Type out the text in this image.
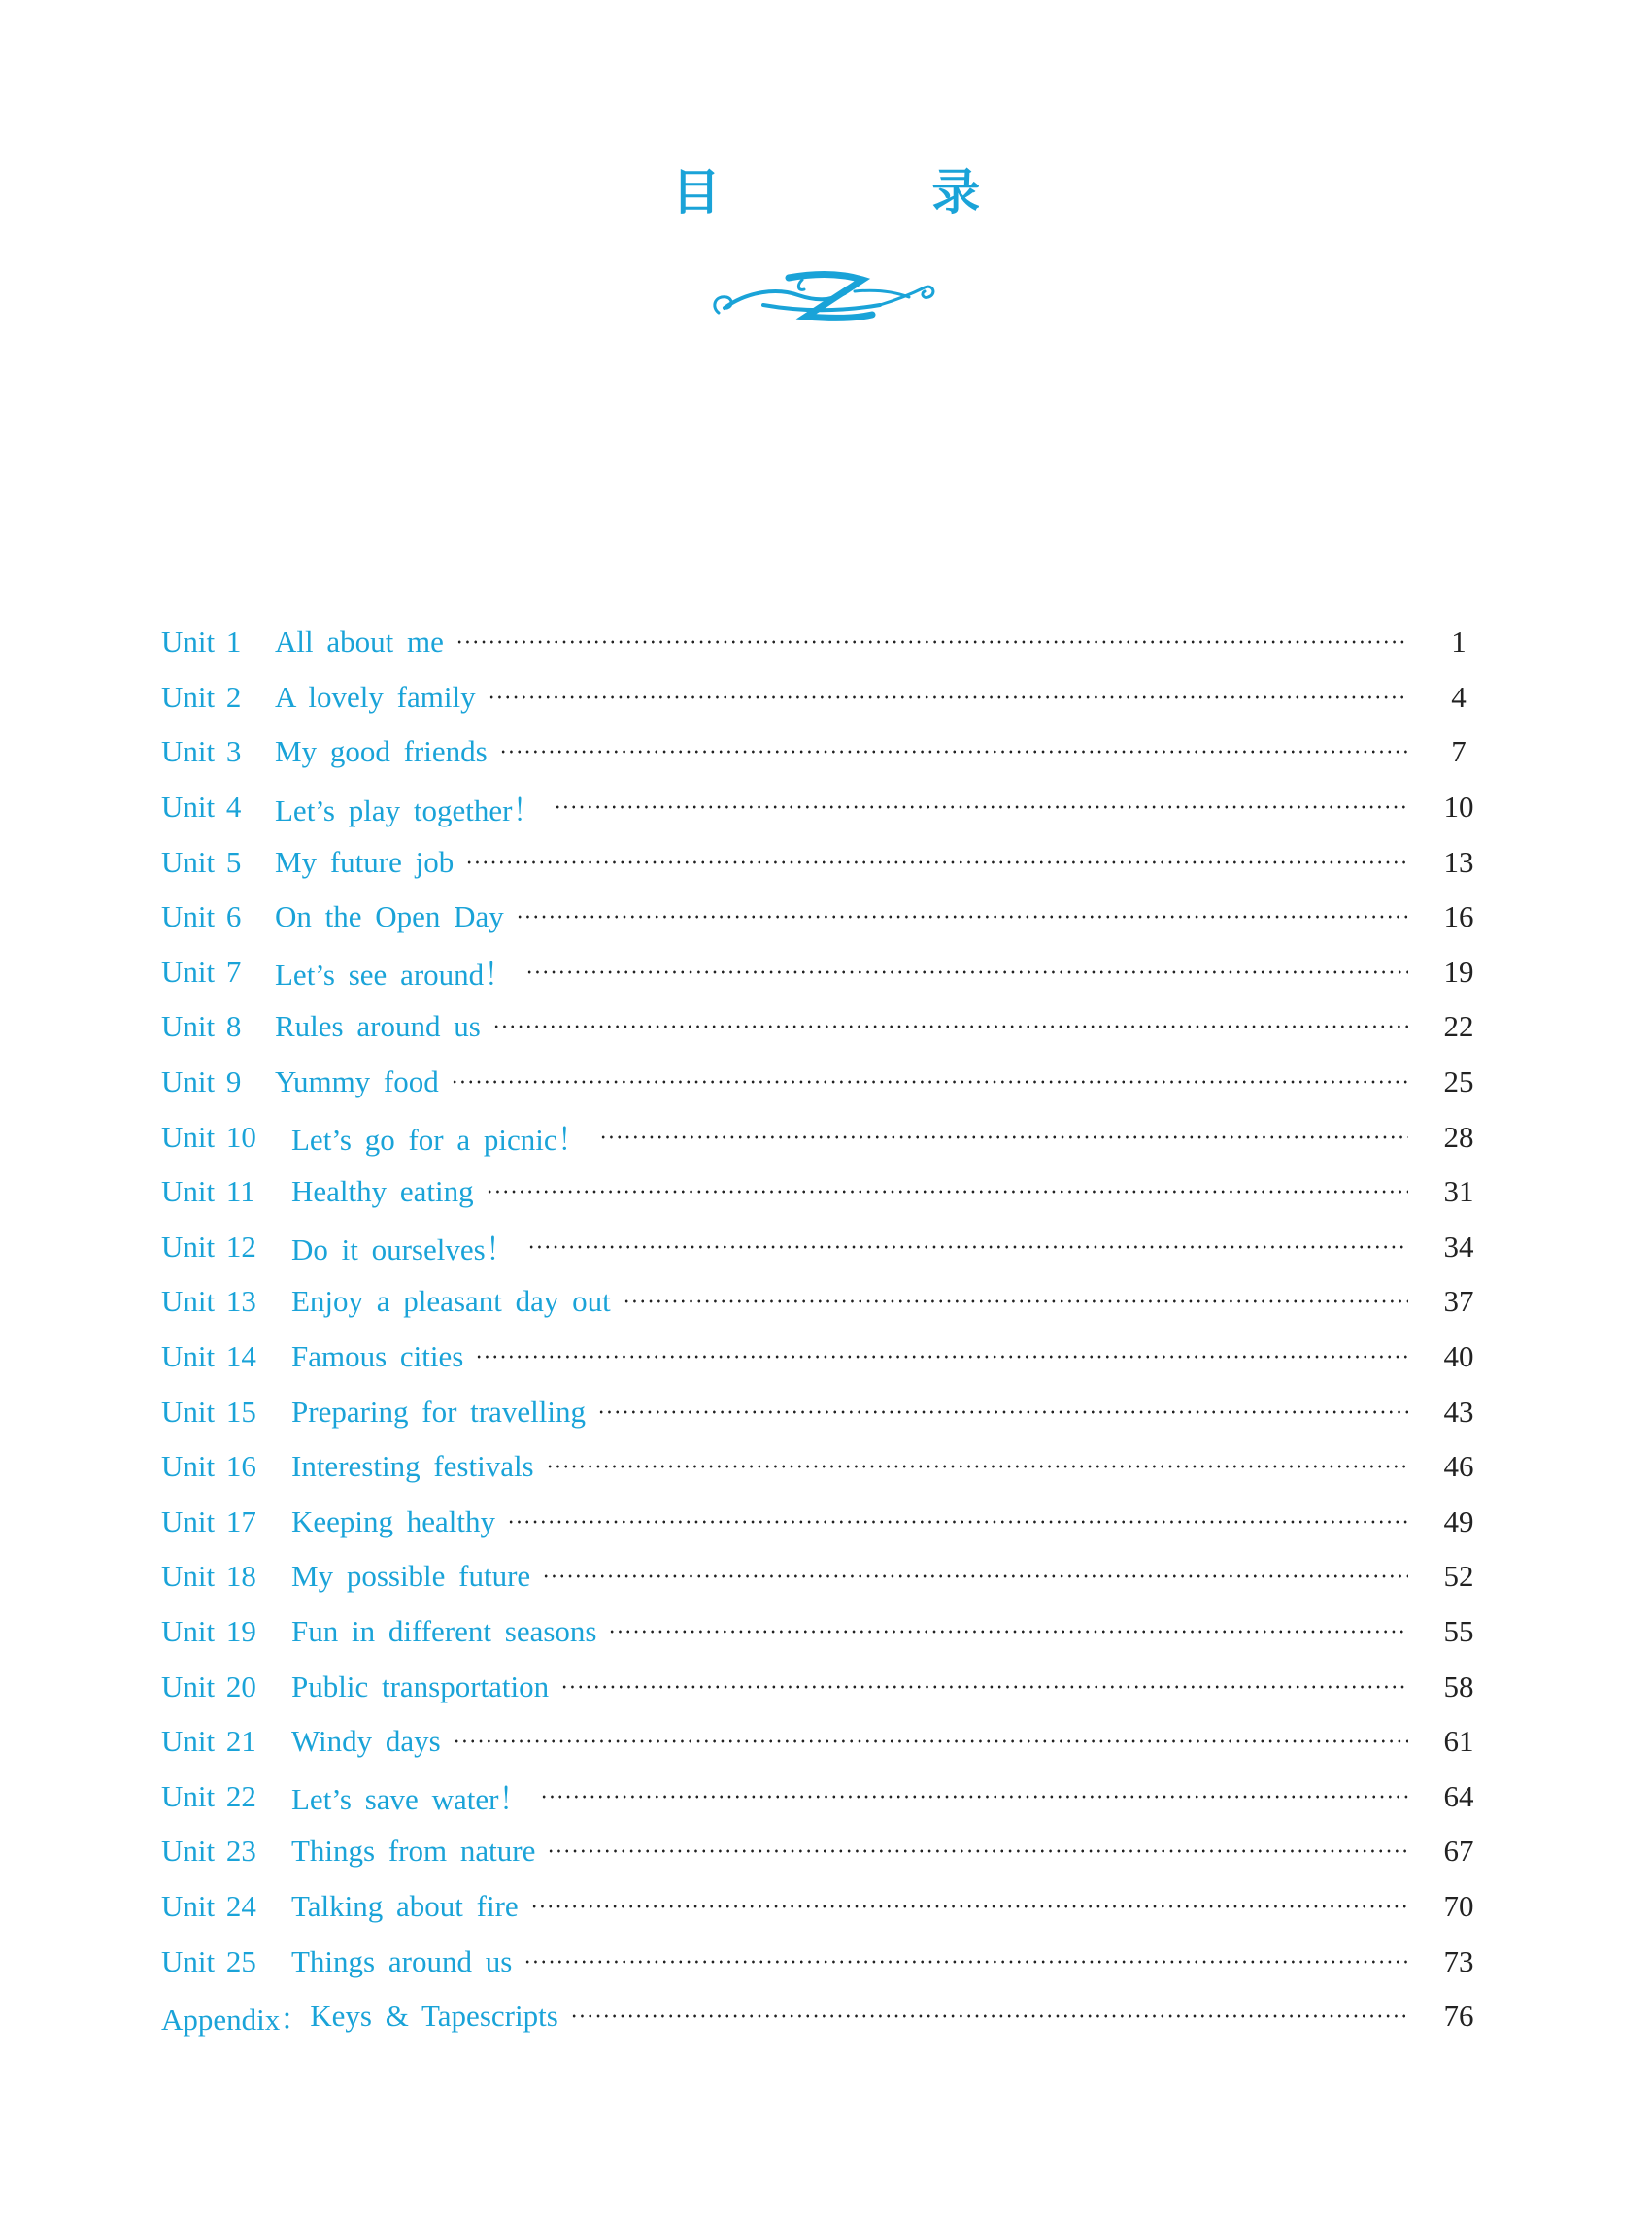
目 录
Unit 1	All about me	1
Unit 2	A lovely family	4
Unit 3	My good friends	7
Unit 4	Let’s play together！	10
Unit 5	My future job	13
Unit 6	On the Open Day	16
Unit 7	Let’s see around！	19
Unit 8	Rules around us	22
Unit 9	Yummy food	25
Unit 10	Let’s go for a picnic！	28
Unit 11	Healthy eating	31
Unit 12	Do it ourselves！	34
Unit 13	Enjoy a pleasant day out	37
Unit 14	Famous cities	40
Unit 15	Preparing for travelling	43
Unit 16	Interesting festivals	46
Unit 17	Keeping healthy	49
Unit 18	My possible future	52
Unit 19	Fun in different seasons	55
Unit 20	Public transportation	58
Unit 21	Windy days	61
Unit 22	Let’s save water！	64
Unit 23	Things from nature	67
Unit 24	Talking about fire	70
Unit 25	Things around us	73
Appendix： Keys & Tapescripts	76
